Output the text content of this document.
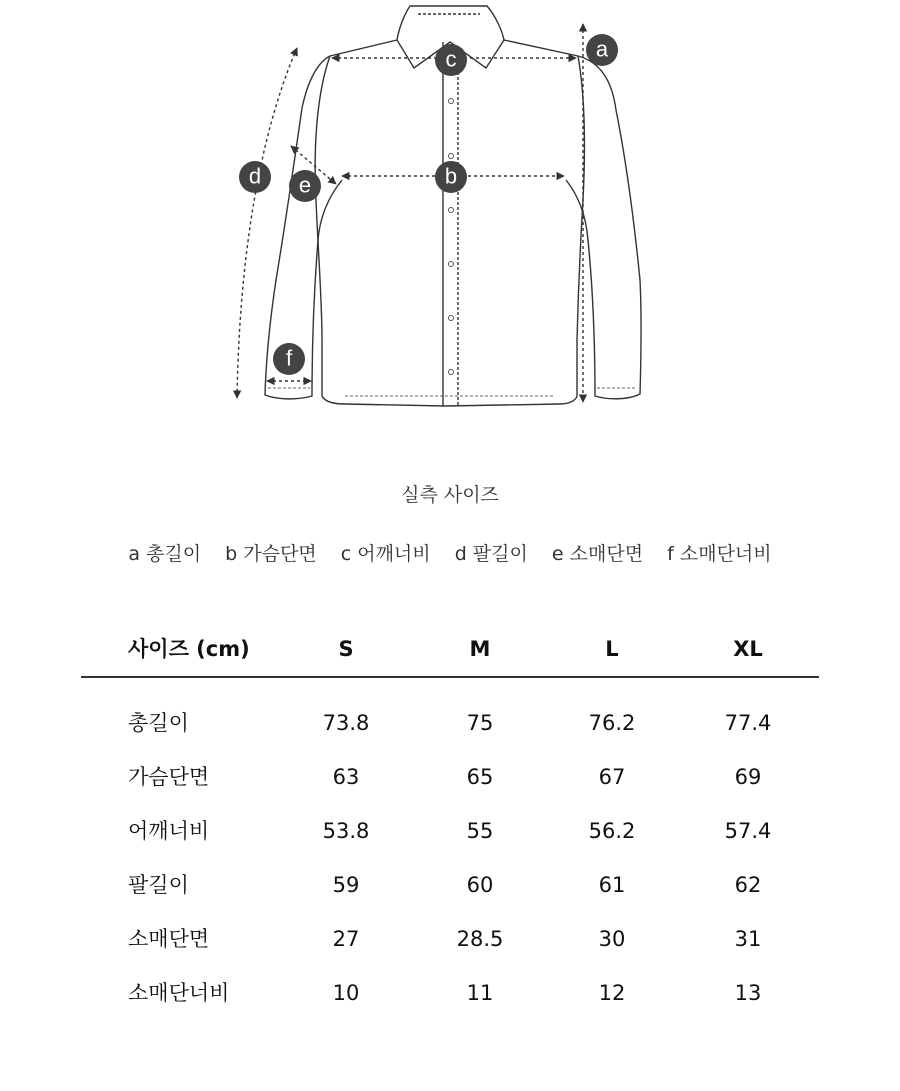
a
b
c
d e
f
실측 사이즈
a 총길이 b 가슴단면 c 어깨너비 d 팔길이 e 소매단면 f 소매단너비
사이즈 (cm)	S	M	L	XL
총길이	73.8	75	76.2	77.4
가슴단면	63	65	67	69
어깨너비	53.8	55	56.2	57.4
팔길이	59	60	61	62
소매단면	27	28.5	30	31
소매단너비	10	11	12	13
